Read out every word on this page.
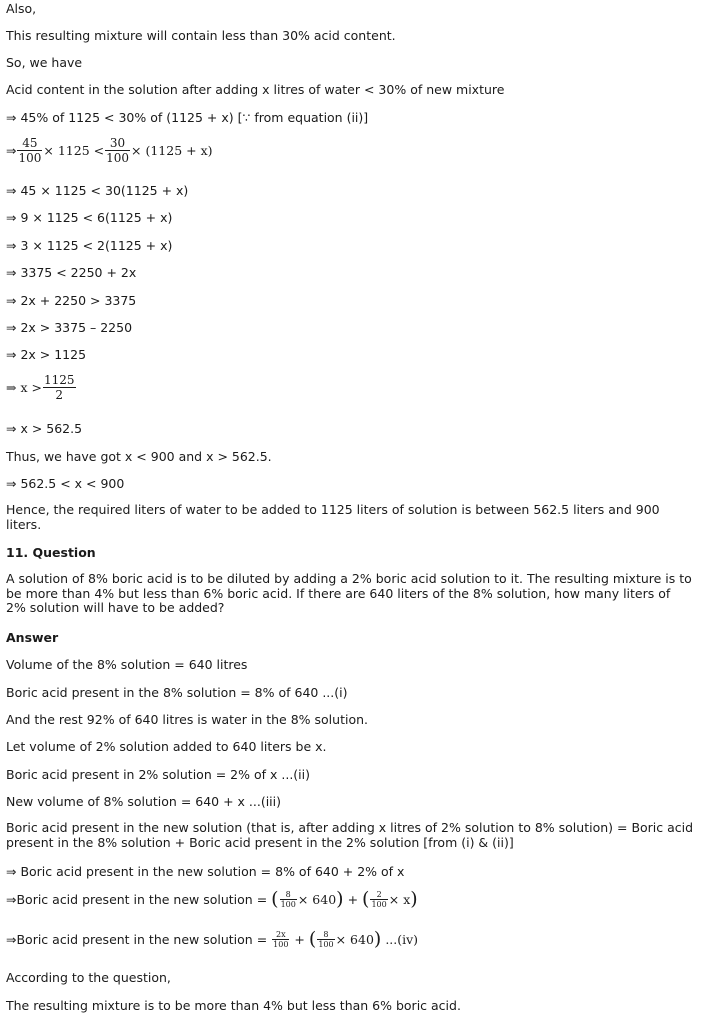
Also,
This resulting mixture will contain less than 30% acid content.
So, we have
Acid content in the solution after adding x litres of water < 30% of new mixture
⇒ 45% of 1125 < 30% of (1125 + x) [∵ from equation (ii)]
⇒ $\frac{45}{100} \times 1125 < \frac{30}{100} \times (1125 + x)$
⇒ 45 × 1125 < 30(1125 + x)
⇒ 9 × 1125 < 6(1125 + x)
⇒ 3 × 1125 < 2(1125 + x)
⇒ 3375 < 2250 + 2x
⇒ 2x + 2250 > 3375
⇒ 2x > 3375 – 2250
⇒ 2x > 1125
⇒ $x > \frac{1125}{2}$
⇒ x > 562.5
Thus, we have got x < 900 and x > 562.5.
⇒ 562.5 < x < 900
Hence, the required liters of water to be added to 1125 liters of solution is between 562.5 liters and 900 liters.
11. Question
A solution of 8% boric acid is to be diluted by adding a 2% boric acid solution to it. The resulting mixture is to be more than 4% but less than 6% boric acid. If there are 640 liters of the 8% solution, how many liters of 2% solution will have to be added?
Answer
Volume of the 8% solution = 640 litres
Boric acid present in the 8% solution = 8% of 640 ...(i)
And the rest 92% of 640 litres is water in the 8% solution.
Let volume of 2% solution added to 640 liters be x.
Boric acid present in 2% solution = 2% of x ...(ii)
New volume of 8% solution = 640 + x ...(iii)
Boric acid present in the new solution (that is, after adding x litres of 2% solution to 8% solution) = Boric acid present in the 8% solution + Boric acid present in the 2% solution [from (i) & (ii)]
⇒ Boric acid present in the new solution = 8% of 640 + 2% of x
⇒Boric acid present in the new solution = ( $\frac{8}{100} \times 640$) + ( $\frac{2}{100} \times x$)
⇒Boric acid present in the new solution = $\frac{2x}{100}$ + ( $\frac{8}{100} \times 640$) ...(iv)
According to the question,
The resulting mixture is to be more than 4% but less than 6% boric acid.
